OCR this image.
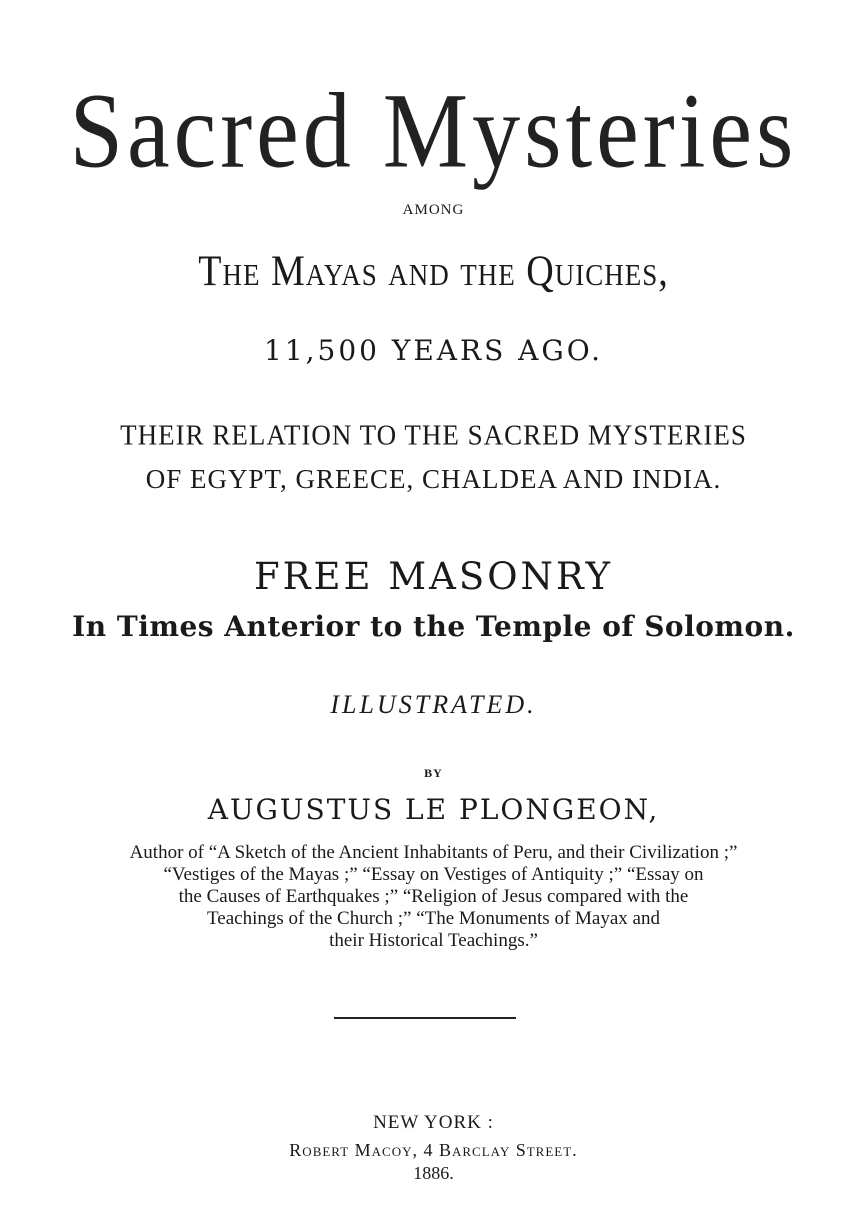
Sacred Mysteries
AMONG
The Mayas and the Quiches,
11,500 YEARS AGO.
THEIR RELATION TO THE SACRED MYSTERIES
OF EGYPT, GREECE, CHALDEA AND INDIA.
FREE MASONRY
In Times Anterior to the Temple of Solomon.
ILLUSTRATED.
BY
AUGUSTUS LE PLONGEON,
Author of “A Sketch of the Ancient Inhabitants of Peru, and their Civilization ;”
“Vestiges of the Mayas ;” “Essay on Vestiges of Antiquity ;” “Essay on
the Causes of Earthquakes ;” “Religion of Jesus compared with the
Teachings of the Church ;” “The Monuments of Mayax and
their Historical Teachings.”
NEW YORK :
Robert Macoy, 4 Barclay Street.
1886.
